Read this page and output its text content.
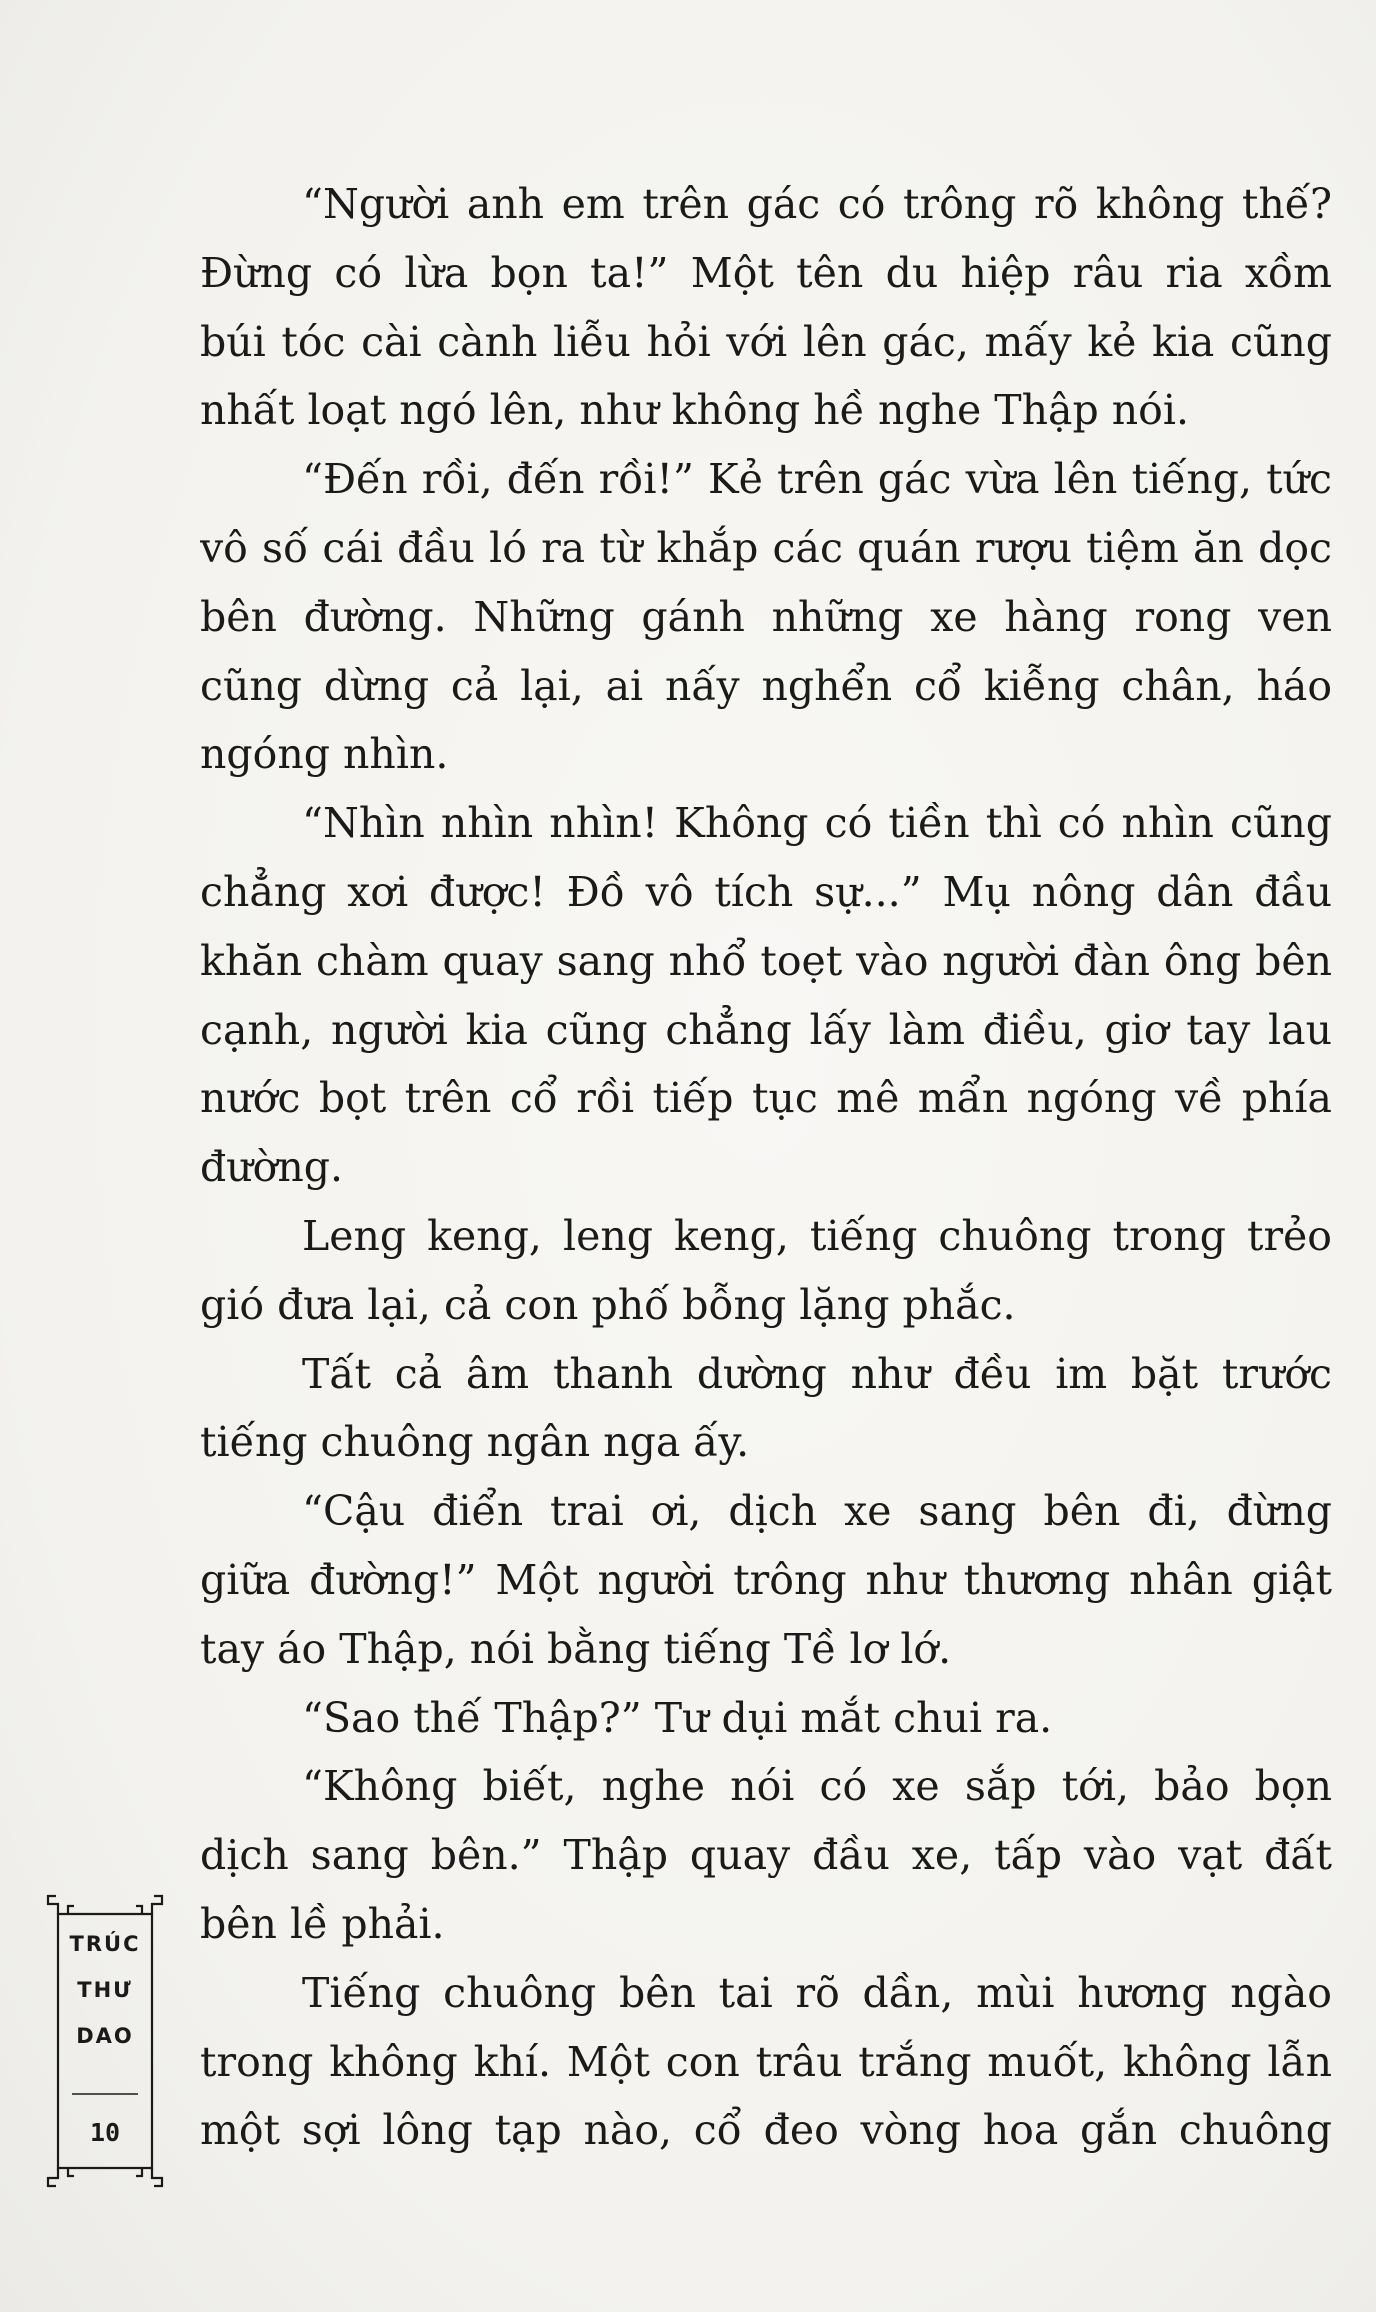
“Người anh em trên gác có trông rõ không thế?
Đừng có lừa bọn ta!” Một tên du hiệp râu ria xồm
búi tóc cài cành liễu hỏi với lên gác, mấy kẻ kia cũng
nhất loạt ngó lên, như không hề nghe Thập nói.
“Đến rồi, đến rồi!” Kẻ trên gác vừa lên tiếng, tức
vô số cái đầu ló ra từ khắp các quán rượu tiệm ăn dọc
bên đường. Những gánh những xe hàng rong ven
cũng dừng cả lại, ai nấy nghển cổ kiễng chân, háo
ngóng nhìn.
“Nhìn nhìn nhìn! Không có tiền thì có nhìn cũng
chẳng xơi được! Đồ vô tích sự...” Mụ nông dân đầu
khăn chàm quay sang nhổ toẹt vào người đàn ông bên
cạnh, người kia cũng chẳng lấy làm điều, giơ tay lau
nước bọt trên cổ rồi tiếp tục mê mẩn ngóng về phía
đường.
Leng keng, leng keng, tiếng chuông trong trẻo
gió đưa lại, cả con phố bỗng lặng phắc.
Tất cả âm thanh dường như đều im bặt trước
tiếng chuông ngân nga ấy.
“Cậu điển trai ơi, dịch xe sang bên đi, đừng
giữa đường!” Một người trông như thương nhân giật
tay áo Thập, nói bằng tiếng Tề lơ lớ.
“Sao thế Thập?” Tư dụi mắt chui ra.
“Không biết, nghe nói có xe sắp tới, bảo bọn
dịch sang bên.” Thập quay đầu xe, tấp vào vạt đất
bên lề phải.
Tiếng chuông bên tai rõ dần, mùi hương ngào
trong không khí. Một con trâu trắng muốt, không lẫn
một sợi lông tạp nào, cổ đeo vòng hoa gắn chuông
TRÚC
THƯ
DAO
10
